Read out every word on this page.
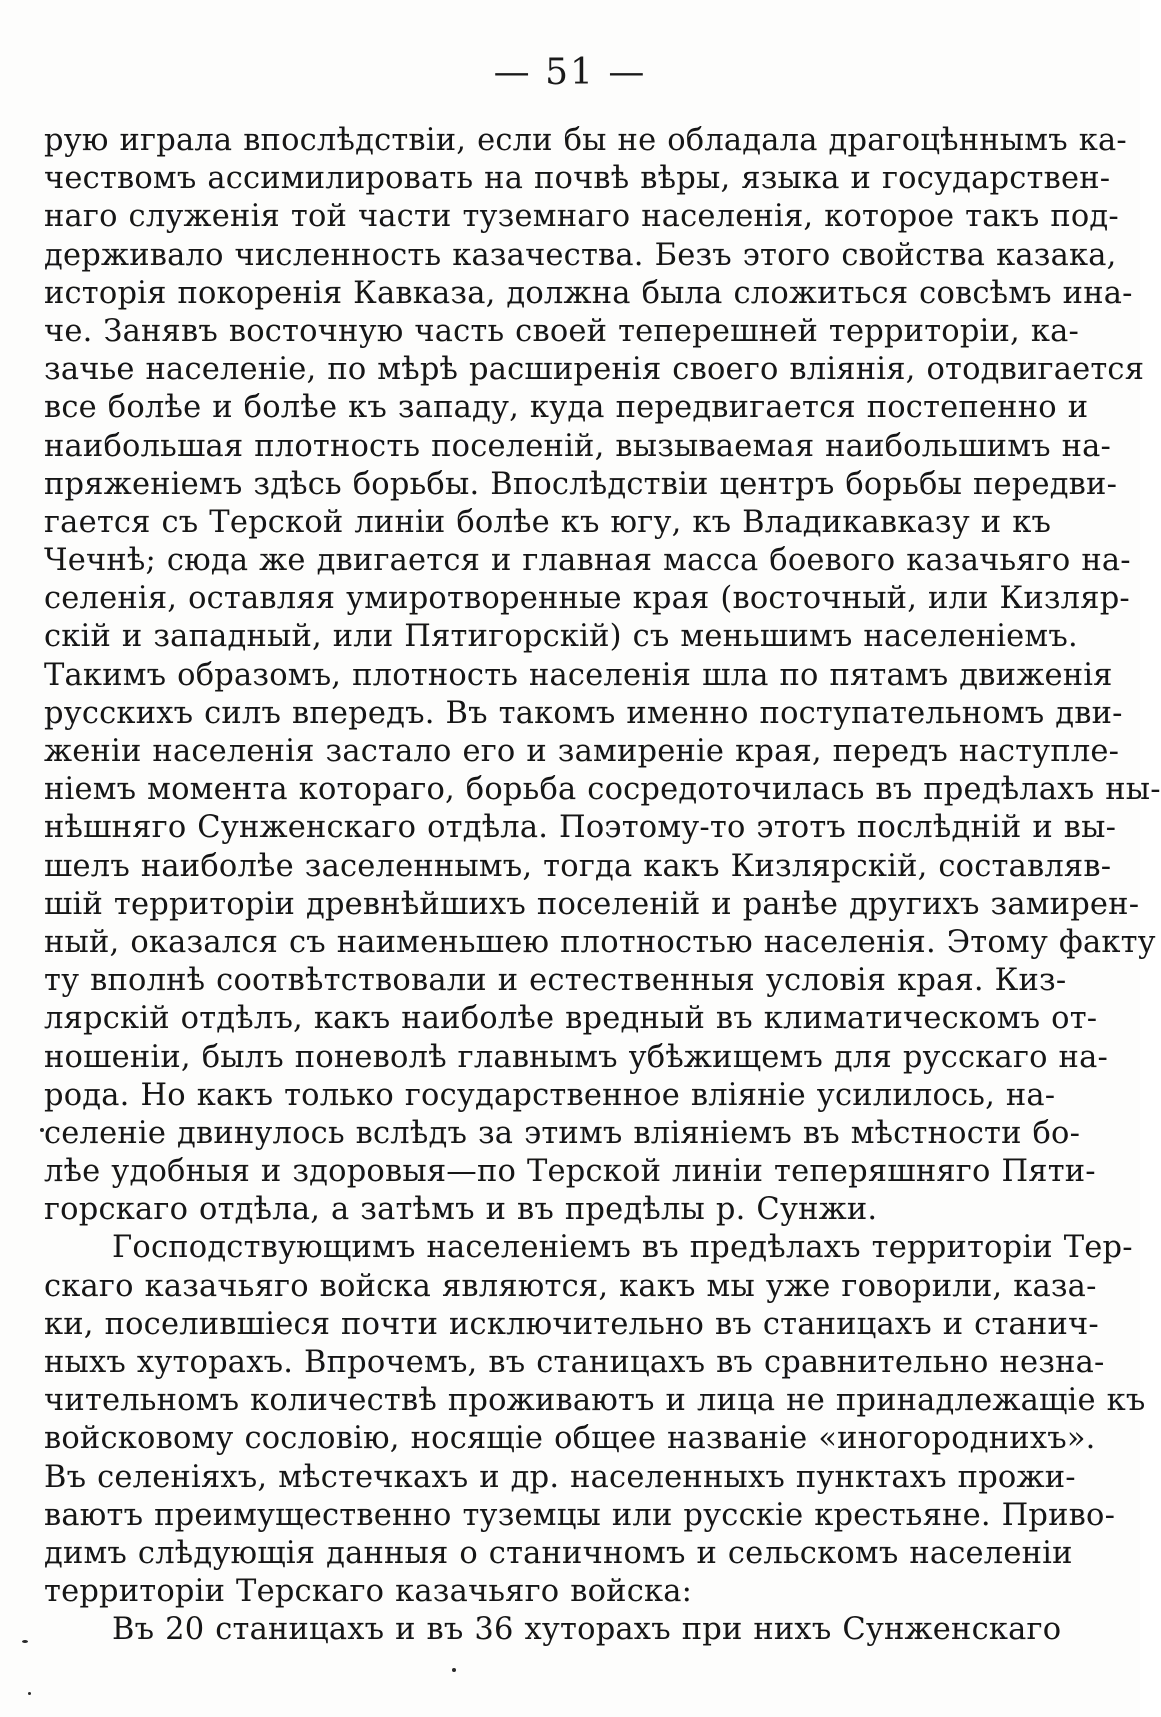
— 51 —
рую играла впослѣдствіи, если бы не обладала драгоцѣннымъ ка-
чествомъ ассимилировать на почвѣ вѣры, языка и государствен-
наго служенія той части туземнаго населенія, которое такъ под-
держивало численность казачества. Безъ этого свойства казака,
исторія покоренія Кавказа, должна была сложиться совсѣмъ ина-
че. Занявъ восточную часть своей теперешней территоріи, ка-
зачье населеніе, по мѣрѣ расширенія своего вліянія, отодвигается
все болѣе и болѣе къ западу, куда передвигается постепенно и
наибольшая плотность поселеній, вызываемая наибольшимъ на-
пряженіемъ здѣсь борьбы. Впослѣдствіи центръ борьбы передви-
гается съ Терской линіи болѣе къ югу, къ Владикавказу и къ
Чечнѣ; сюда же двигается и главная масса боевого казачьяго на-
селенія, оставляя умиротворенные края (восточный, или Кизляр-
скій и западный, или Пятигорскій) съ меньшимъ населеніемъ.
Такимъ образомъ, плотность населенія шла по пятамъ движенія
русскихъ силъ впередъ. Въ такомъ именно поступательномъ дви-
женіи населенія застало его и замиреніе края, передъ наступле-
ніемъ момента котораго, борьба сосредоточилась въ предѣлахъ ны-
нѣшняго Сунженскаго отдѣла. Поэтому-то этотъ послѣдній и вы-
шелъ наиболѣе заселеннымъ, тогда какъ Кизлярскій, составляв-
шій территоріи древнѣйшихъ поселеній и ранѣе другихъ замирен-
ный, оказался съ наименьшею плотностью населенія. Этому факту
ту вполнѣ соотвѣтствовали и естественныя условія края. Киз-
лярскій отдѣлъ, какъ наиболѣе вредный въ климатическомъ от-
ношеніи, былъ поневолѣ главнымъ убѣжищемъ для русскаго на-
рода. Но какъ только государственное вліяніе усилилось, на-
селеніе двинулось вслѣдъ за этимъ вліяніемъ въ мѣстности бо-
лѣе удобныя и здоровыя—по Терской линіи теперяшняго Пяти-
горскаго отдѣла, а затѣмъ и въ предѣлы р. Сунжи.
Господствующимъ населеніемъ въ предѣлахъ территоріи Тер-
скаго казачьяго войска являются, какъ мы уже говорили, каза-
ки, поселившіеся почти исключительно въ станицахъ и станич-
ныхъ хуторахъ. Впрочемъ, въ станицахъ въ сравнительно незна-
чительномъ количествѣ проживаютъ и лица не принадлежащіе къ
войсковому сословію, носящіе общее названіе «иногороднихъ».
Въ селеніяхъ, мѣстечкахъ и др. населенныхъ пунктахъ прожи-
ваютъ преимущественно туземцы или русскіе крестьяне. Приво-
димъ слѣдующія данныя о станичномъ и сельскомъ населеніи
территоріи Терскаго казачьяго войска:
Въ 20 станицахъ и въ 36 хуторахъ при нихъ Сунженскаго
